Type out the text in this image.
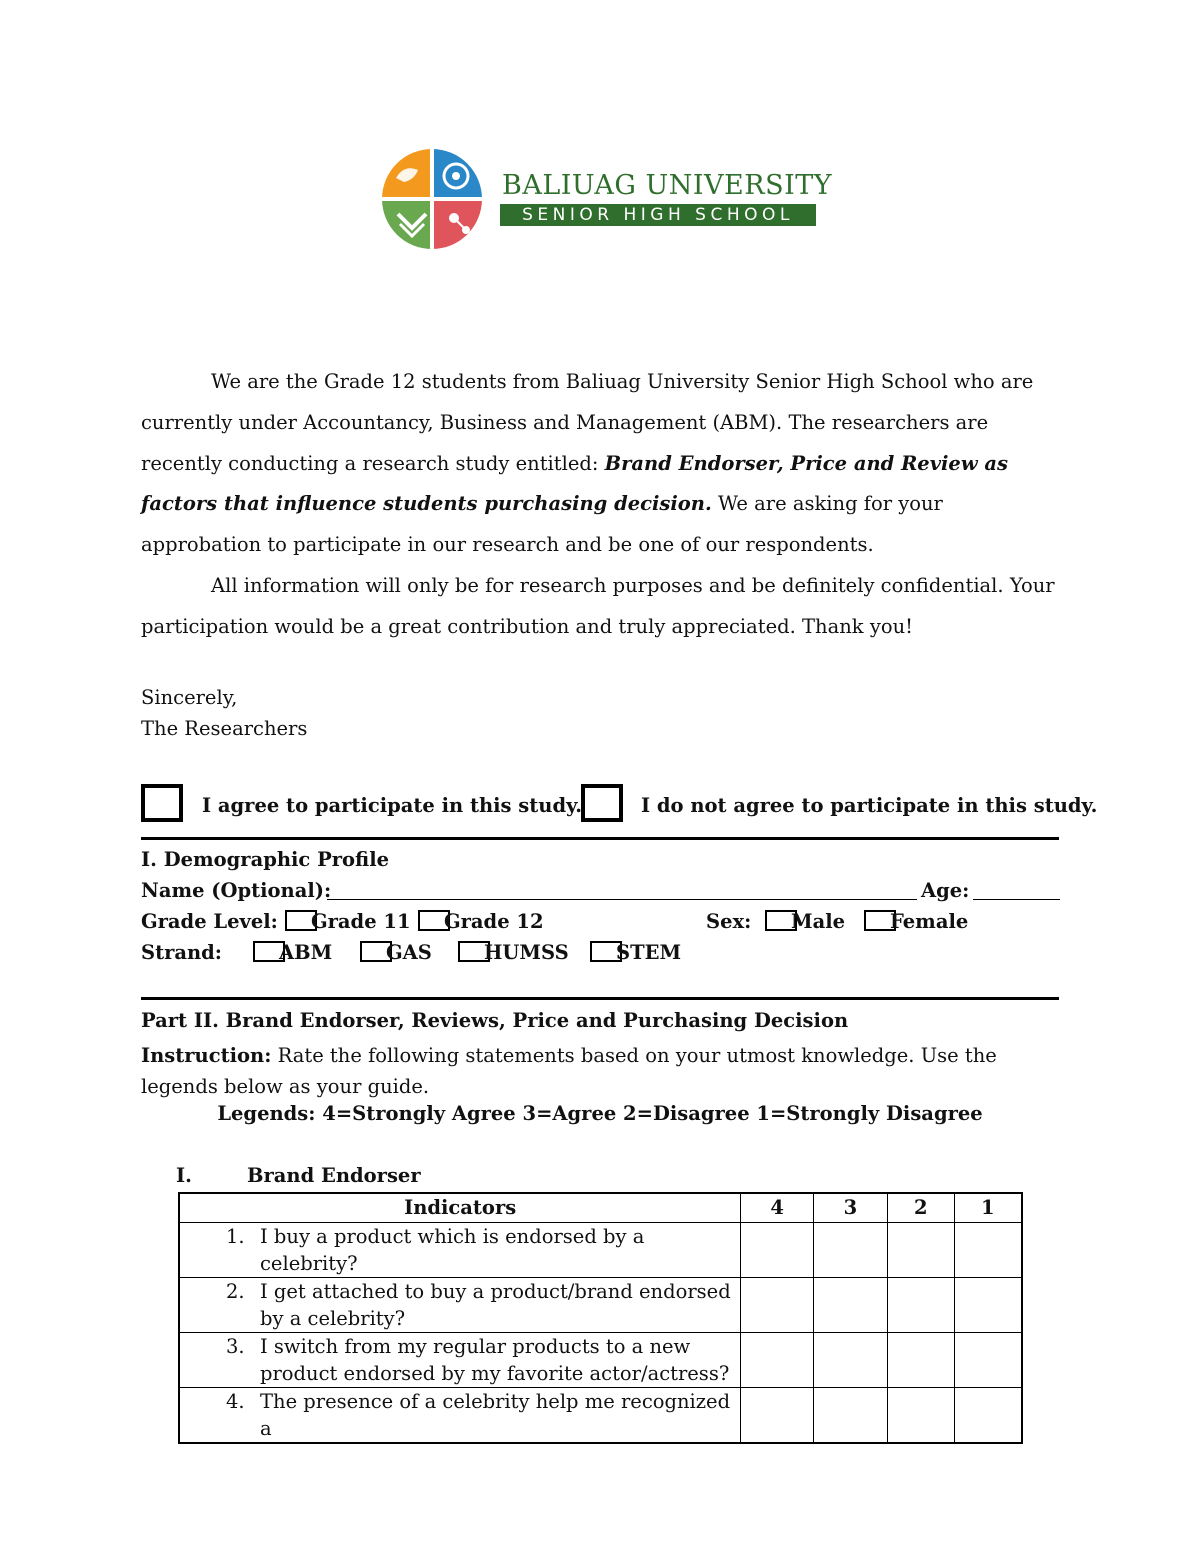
BALIUAG UNIVERSITY
SENIOR HIGH SCHOOL

We are the Grade 12 students from Baliuag University Senior High School who are currently under Accountancy, Business and Management (ABM). The researchers are recently conducting a research study entitled: Brand Endorser, Price and Review as factors that influence students purchasing decision. We are asking for your approbation to participate in our research and be one of our respondents.

All information will only be for research purposes and be definitely confidential. Your participation would be a great contribution and truly appreciated. Thank you!

Sincerely,
The Researchers
I agree to participate in this study.	I do not agree to participate in this study.
I. Demographic Profile
Name (Optional):	Age:
Grade Level:	Grade 11	Grade 12	Sex:	Male	Female
Strand:	ABM	GAS	HUMSS	STEM
Part II. Brand Endorser, Reviews, Price and Purchasing Decision
Instruction: Rate the following statements based on your utmost knowledge. Use the legends below as your guide.
Legends: 4=Strongly Agree 3=Agree 2=Disagree 1=Strongly Disagree
I.	Brand Endorser
Indicators	4	3	2	1

1. I buy a product which is endorsed by a celebrity?				

2. I get attached to buy a product/brand endorsed by a celebrity?				

3. I switch from my regular products to a new product endorsed by my favorite actor/actress?				

4. The presence of a celebrity help me recognized a				
